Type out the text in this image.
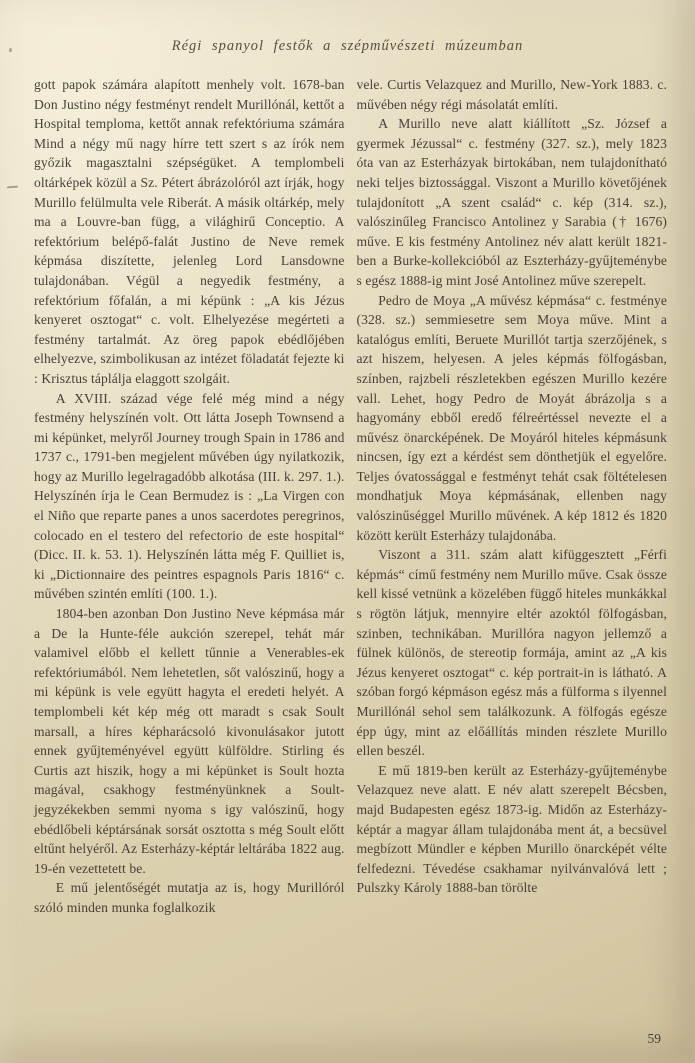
Régi spanyol festők a szépművészeti múzeumban

gott papok számára alapított menhely volt. 1678-ban Don Justino négy festményt rendelt Murillónál, kettőt a Hospital temploma, kettőt annak refektóriuma számára Mind a négy mű nagy hírre tett szert s az írók nem győzik magasztalni szépségüket. A templombeli oltárképek közül a Sz. Pétert ábrázolóról azt írják, hogy Murillo felülmulta vele Riberát. A másik oltárkép, mely ma a Louvre-ban függ, a világhirű Conceptio. A refektórium belépő-falát Justino de Neve remek képmása diszítette, jelenleg Lord Lansdowne tulajdonában. Végül a negyedik festmény, a refektórium főfalán, a mi képünk : „A kis Jézus kenyeret osztogat“ c. volt. Elhelyezése megérteti a festmény tartalmát. Az öreg papok ebédlőjében elhelyezve, szimbolikusan az intézet föladatát fejezte ki : Krisztus táplálja elaggott szolgáit.

A XVIII. század vége felé még mind a négy festmény helyszínén volt. Ott látta Joseph Townsend a mi képünket, melyről Journey trough Spain in 1786 and 1737 c., 1791-ben megjelent művében úgy nyilatkozik, hogy az Murillo legelragadóbb alkotása (III. k. 297. 1.). Helyszínén írja le Cean Bermudez is : „La Virgen con el Niño que reparte panes a unos sacerdotes peregrinos, colocado en el testero del refectorio de este hospital“ (Dicc. II. k. 53. 1). Helyszínén látta még F. Quilliet is, ki „Dictionnaire des peintres espagnols Paris 1816“ c. művében szintén említi (100. 1.).

1804-ben azonban Don Justino Neve képmása már a De la Hunte-féle aukción szerepel, tehát már valamivel előbb el kellett tűnnie a Venerables-ek refektóriumából. Nem lehetetlen, sőt valószinű, hogy a mi képünk is vele együtt hagyta el eredeti helyét. A templombeli két kép még ott maradt s csak Soult marsall, a híres képharácsoló kivonulásakor jutott ennek gyűjteményével együtt külföldre. Stirling és Curtis azt hiszik, hogy a mi képünket is Soult hozta magával, csakhogy festményünknek a Soult-jegyzékekben semmi nyoma s igy valószinű, hogy ebédlőbeli képtársának sorsát osztotta s még Soult előtt eltűnt helyéről. Az Esterházy-képtár leltárába 1822 aug. 19-én vezettetett be.

E mű jelentőségét mutatja az is, hogy Murillóról szóló minden munka foglalkozik

vele. Curtis Velazquez and Murillo, New-York 1883. c. művében négy régi másolatát említi.

A Murillo neve alatt kiállított „Sz. József a gyermek Jézussal“ c. festmény (327. sz.), mely 1823 óta van az Esterházyak birtokában, nem tulajdonítható neki teljes biztossággal. Viszont a Murillo követőjének tulajdonított „A szent család“ c. kép (314. sz.), valószinűleg Francisco Antolinez y Sarabia († 1676) műve. E kis festmény Antolinez név alatt került 1821-ben a Burke-kollekcióból az Eszterházy-gyűjteménybe s egész 1888-ig mint José Antolinez műve szerepelt.

Pedro de Moya „A művész képmása“ c. festménye (328. sz.) semmiesetre sem Moya műve. Mint a katalógus említi, Beruete Murillót tartja szerzőjének, s azt hiszem, helyesen. A jeles képmás fölfogásban, színben, rajzbeli részletekben egészen Murillo kezére vall. Lehet, hogy Pedro de Moyát ábrázolja s a hagyomány ebből eredő félreértéssel nevezte el a művész önarcképének. De Moyáról hiteles képmásunk nincsen, így ezt a kérdést sem dönthetjük el egyelőre. Teljes óvatossággal e festményt tehát csak föltételesen mondhatjuk Moya képmásának, ellenben nagy valószinűséggel Murillo művének. A kép 1812 és 1820 között került Esterházy tulajdonába.

Viszont a 311. szám alatt kifüggesztett „Férfi képmás“ című festmény nem Murillo műve. Csak össze kell kissé vetnünk a közelében függő hiteles munkákkal s rögtön látjuk, mennyire eltér azoktól fölfogásban, szinben, technikában. Murillóra nagyon jellemző a fülnek különös, de stereotip formája, amint az „A kis Jézus kenyeret osztogat“ c. kép portrait-in is látható. A szóban forgó képmáson egész más a fülforma s ilyennel Murillónál sehol sem találkozunk. A fölfogás egésze épp úgy, mint az előállítás minden részlete Murillo ellen beszél.

E mű 1819-ben került az Esterházy-gyűjteménybe Velazquez neve alatt. E név alatt szerepelt Bécsben, majd Budapesten egész 1873-ig. Midőn az Esterházy-képtár a magyar állam tulajdonába ment át, a becsüvel megbízott Mündler e képben Murillo önarcképét vélte felfedezni. Tévedése csakhamar nyilvánvalóvá lett ; Pulszky Károly 1888-ban törölte

59
